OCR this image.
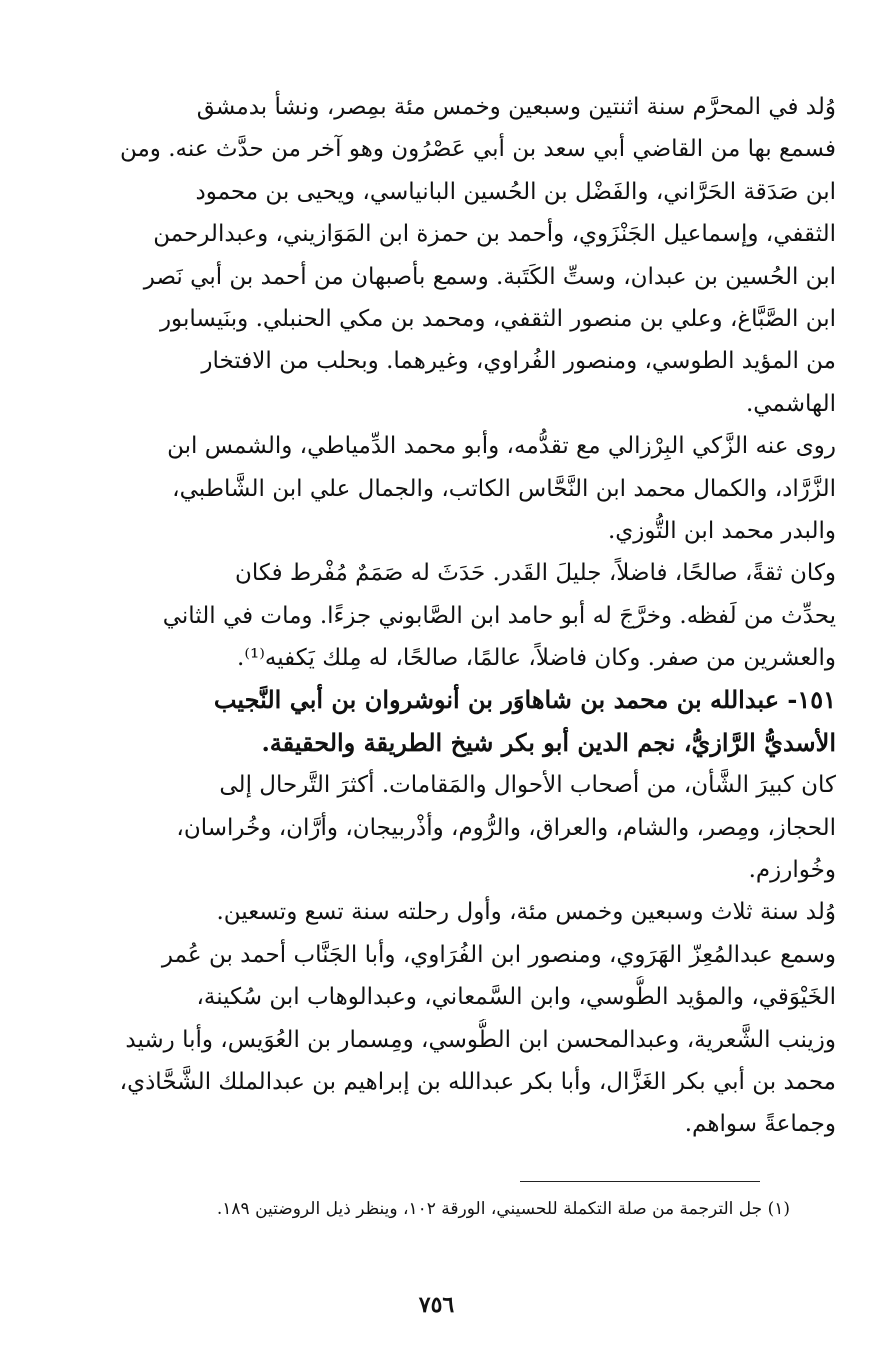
وُلد في المحرَّم سنة اثنتين وسبعين وخمس مئة بمِصر، ونشأ بدمشق
فسمع بها من القاضي أبي سعد بن أبي عَصْرُون وهو آخر من حدَّث عنه. ومن
ابن صَدَقة الحَرَّاني، والفَضْل بن الحُسين البانياسي، ويحيى بن محمود
الثقفي، وإسماعيل الجَنْزَوي، وأحمد بن حمزة ابن المَوَازيني، وعبدالرحمن
ابن الحُسين بن عبدان، وستِّ الكَتَبة. وسمع بأصبهان من أحمد بن أبي نَصر
ابن الصَّبَّاغ، وعلي بن منصور الثقفي، ومحمد بن مكي الحنبلي. وبنَيسابور
من المؤيد الطوسي، ومنصور الفُراوي، وغيرهما. وبحلب من الافتخار
الهاشمي.
روى عنه الزَّكي البِرْزالي مع تقدُّمه، وأبو محمد الدِّمياطي، والشمس ابن
الزَّرَّاد، والكمال محمد ابن النَّحَّاس الكاتب، والجمال علي ابن الشَّاطبي،
والبدر محمد ابن التُّوزي.
وكان ثقةً، صالحًا، فاضلاً، جليلَ القَدر. حَدَثَ له صَمَمٌ مُفْرط فكان
يحدِّث من لَفظه. وخرَّجَ له أبو حامد ابن الصَّابوني جزءًا. ومات في الثاني
والعشرين من صفر. وكان فاضلاً، عالمًا، صالحًا، له مِلك يَكفيه⁽¹⁾.
١٥١- عبدالله بن محمد بن شاهاوَر بن أنوشروان بن أبي النَّجيب
الأسديُّ الرَّازيُّ، نجم الدين أبو بكر شيخ الطريقة والحقيقة.
كان كبيرَ الشَّأن، من أصحاب الأحوال والمَقامات. أكثرَ التَّرحال إلى
الحجاز، ومِصر، والشام، والعراق، والرُّوم، وأذْربيجان، وأرَّان، وخُراسان،
وخُوارزم.
وُلد سنة ثلاث وسبعين وخمس مئة، وأول رحلته سنة تسع وتسعين.
وسمع عبدالمُعِزّ الهَرَوي، ومنصور ابن الفُرَاوي، وأبا الجَنَّاب أحمد بن عُمر
الخَيْوَقي، والمؤيد الطُّوسي، وابن السَّمعاني، وعبدالوهاب ابن سُكينة،
وزينب الشَّعرية، وعبدالمحسن ابن الطُّوسي، ومِسمار بن العُوَيس، وأبا رشيد
محمد بن أبي بكر الغَزَّال، وأبا بكر عبدالله بن إبراهيم بن عبدالملك الشَّحَّاذي،
وجماعةً سواهم.
(١) جل الترجمة من صلة التكملة للحسيني، الورقة ١٠٢، وينظر ذيل الروضتين ١٨٩.
٧٥٦
